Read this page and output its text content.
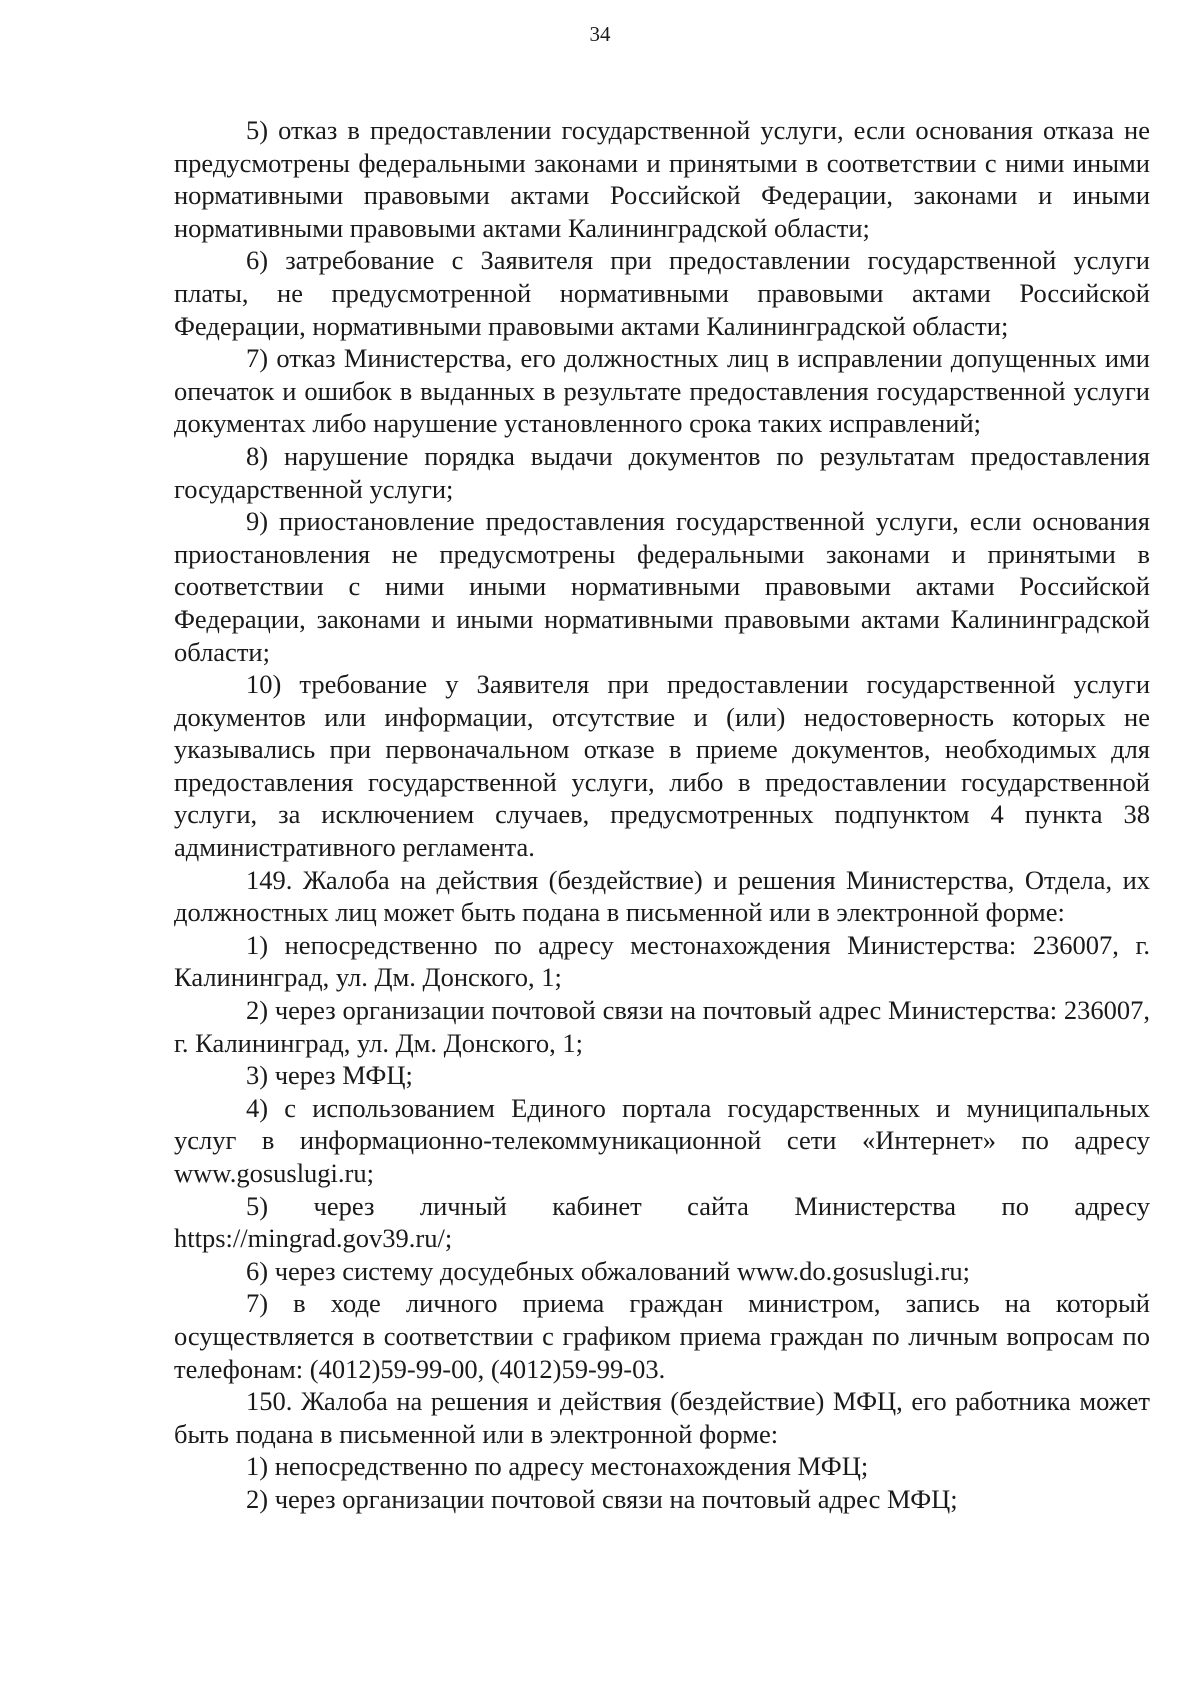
34

5) отказ в предоставлении государственной услуги, если основания отказа не предусмотрены федеральными законами и принятыми в соответствии с ними иными нормативными правовыми актами Российской Федерации, законами и иными нормативными правовыми актами Калининградской области;

6) затребование с Заявителя при предоставлении государственной услуги платы, не предусмотренной нормативными правовыми актами Российской Федерации, нормативными правовыми актами Калининградской области;

7) отказ Министерства, его должностных лиц в исправлении допущенных ими опечаток и ошибок в выданных в результате предоставления государственной услуги документах либо нарушение установленного срока таких исправлений;

8) нарушение порядка выдачи документов по результатам предоставления государственной услуги;

9) приостановление предоставления государственной услуги, если основания приостановления не предусмотрены федеральными законами и принятыми в соответствии с ними иными нормативными правовыми актами Российской Федерации, законами и иными нормативными правовыми актами Калининградской области;

10) требование у Заявителя при предоставлении государственной услуги документов или информации, отсутствие и (или) недостоверность которых не указывались при первоначальном отказе в приеме документов, необходимых для предоставления государственной услуги, либо в предоставлении государственной услуги, за исключением случаев, предусмотренных подпунктом 4 пункта 38 административного регламента.

149. Жалоба на действия (бездействие) и решения Министерства, Отдела, их должностных лиц может быть подана в письменной или в электронной форме:

1) непосредственно по адресу местонахождения Министерства: 236007, г. Калининград, ул. Дм. Донского, 1;

2) через организации почтовой связи на почтовый адрес Министерства: 236007, г. Калининград, ул. Дм. Донского, 1;

3) через МФЦ;

4) с использованием Единого портала государственных и муниципальных услуг в информационно-телекоммуникационной сети «Интернет» по адресу www.gosuslugi.ru;

5) через личный кабинет сайта Министерства по адресу https://mingrad.gov39.ru/;

6) через систему досудебных обжалований www.do.gosuslugi.ru;

7) в ходе личного приема граждан министром, запись на который осуществляется в соответствии с графиком приема граждан по личным вопросам по телефонам: (4012)59-99-00, (4012)59-99-03.

150. Жалоба на решения и действия (бездействие) МФЦ, его работника может быть подана в письменной или в электронной форме:

1) непосредственно по адресу местонахождения МФЦ;

2) через организации почтовой связи на почтовый адрес МФЦ;
